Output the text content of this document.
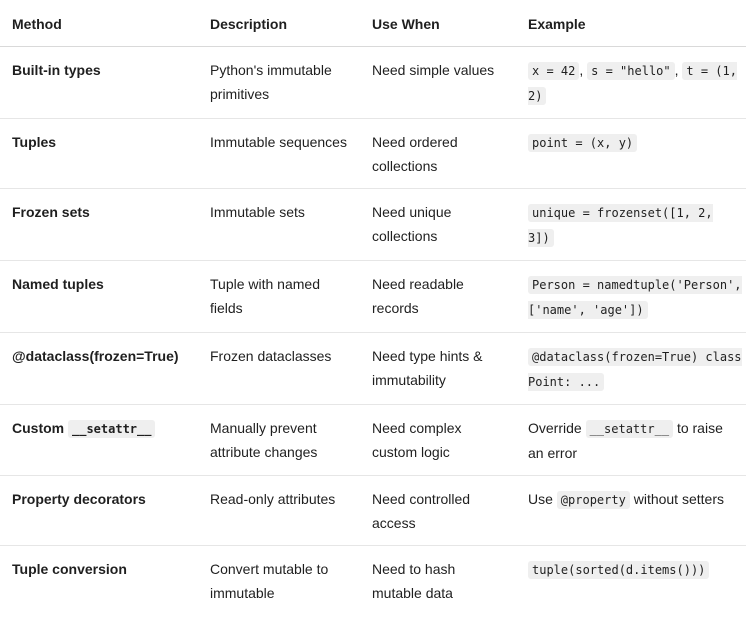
Method	Description	Use When	Example
Built-in types	Python's immutable primitives	Need simple values	x = 42 , s = "hello" , t = (1, 2)
Tuples	Immutable sequences	Need ordered collections	point = (x, y)
Frozen sets	Immutable sets	Need unique collections	unique = frozenset([1, 2, 3])
Named tuples	Tuple with named fields	Need readable records	Person = namedtuple('Person', ['name', 'age'])
@dataclass(frozen=True)	Frozen dataclasses	Need type hints & immutability	@dataclass(frozen=True) class Point: ...
Custom __setattr__	Manually prevent attribute changes	Need complex custom logic	Override __setattr__ to raise an error
Property decorators	Read-only attributes	Need controlled access	Use @property without setters
Tuple conversion	Convert mutable to immutable	Need to hash mutable data	tuple(sorted(d.items()))
